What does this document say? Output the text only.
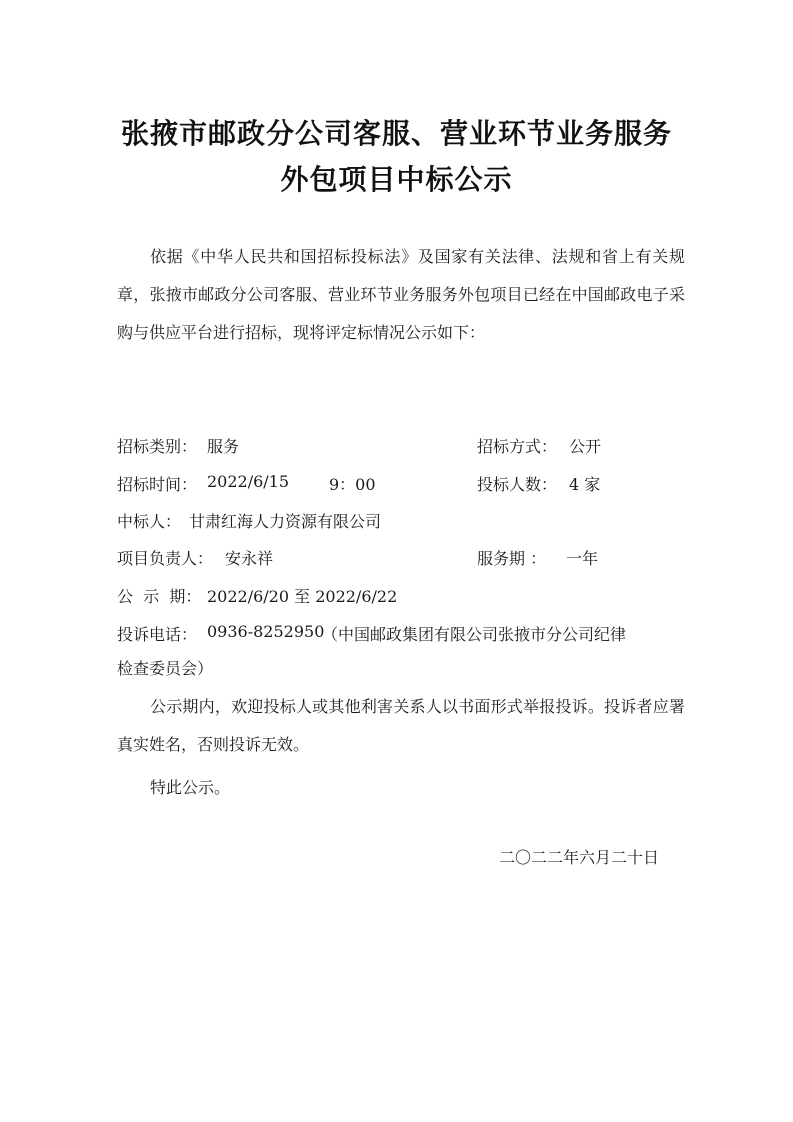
张掖市邮政分公司客服、营业环节业务服务
外包项目中标公示
依据《中华人民共和国招标投标法》及国家有关法律、法规和省上有关规章，张掖市邮政分公司客服、营业环节业务服务外包项目已经在中国邮政电子采购与供应平台进行招标，现将评定标情况公示如下：
招标类别： 服务	招标方式： 公开
招标时间： 2022/6/15 9：00	投标人数： 4 家
中标人： 甘肃红海人力资源有限公司
项目负责人： 安永祥	服务期 ： 一年
公  示  期： 2022/6/20 至 2022/6/22
投诉电话： 0936-8252950
（中国邮政集团有限公司张掖市分公司纪律
检查委员会）
公示期内，欢迎投标人或其他利害关系人以书面形式举报投诉。投诉者应署真实姓名，否则投诉无效。
特此公示。
二〇二二年六月二十日
